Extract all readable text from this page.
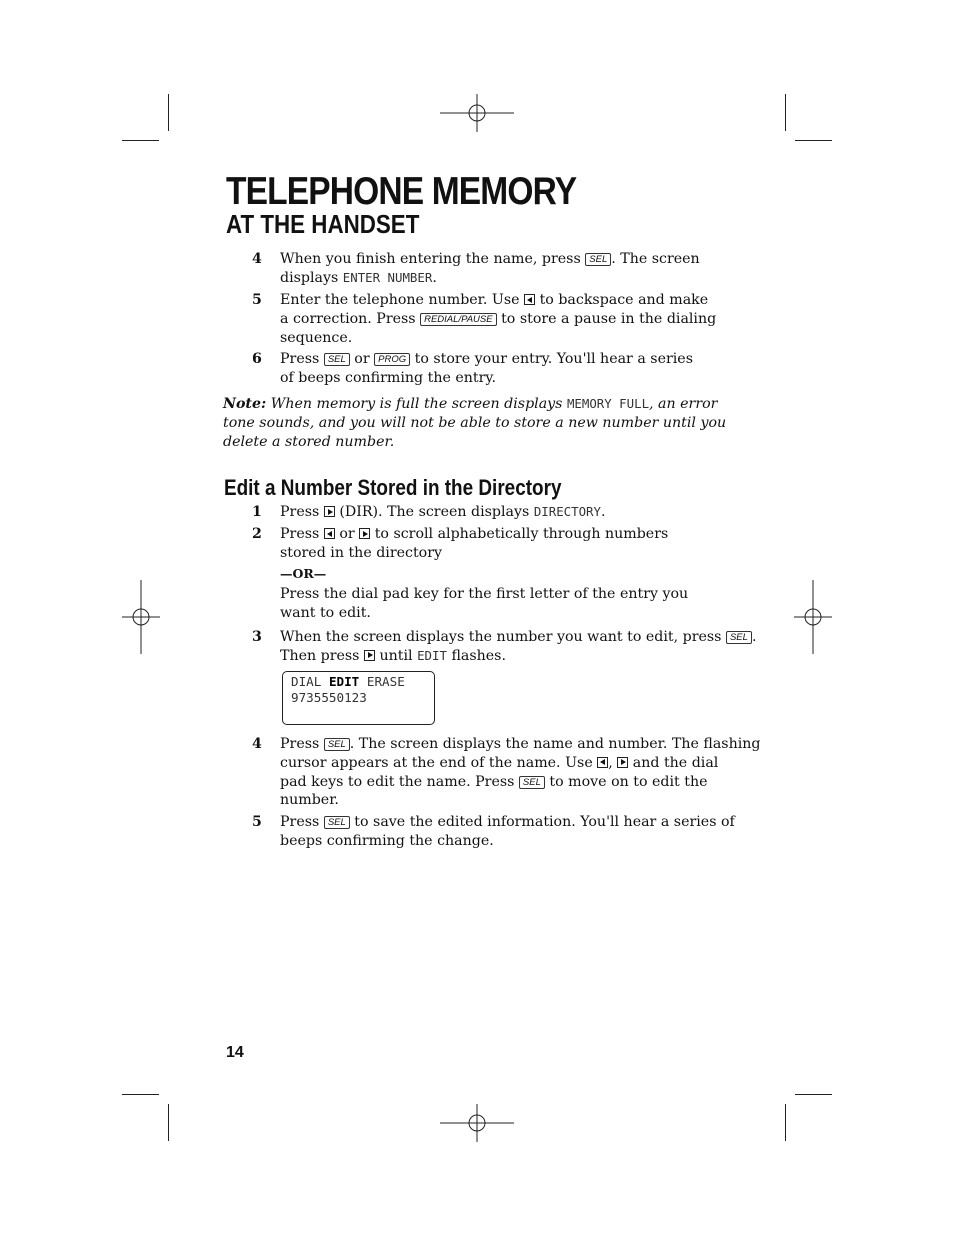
TELEPHONE MEMORY
AT THE HANDSET
4 When you finish entering the name, press SEL . The screen
displays ENTER NUMBER.
5 Enter the telephone number. Use to backspace and make
a correction. Press REDIAL/PAUSE to store a pause in the dialing
sequence.
6 Press SEL or PROG to store your entry. You'll hear a series
of beeps confirming the entry.
Note: When memory is full the screen displays MEMORY FULL, an error
tone sounds, and you will not be able to store a new number until you
delete a stored number.
Edit a Number Stored in the Directory
1 Press (DIR). The screen displays DIRECTORY.
2 Press or to scroll alphabetically through numbers
stored in the directory
—OR—
Press the dial pad key for the first letter of the entry you
want to edit.
3 When the screen displays the number you want to edit, press SEL .
Then press until EDIT flashes.
DIAL EDIT ERASE
9735550123
4 Press SEL . The screen displays the name and number. The flashing
cursor appears at the end of the name. Use , and the dial
pad keys to edit the name. Press SEL to move on to edit the
number.
5 Press SEL to save the edited information. You'll hear a series of
beeps confirming the change.
14
